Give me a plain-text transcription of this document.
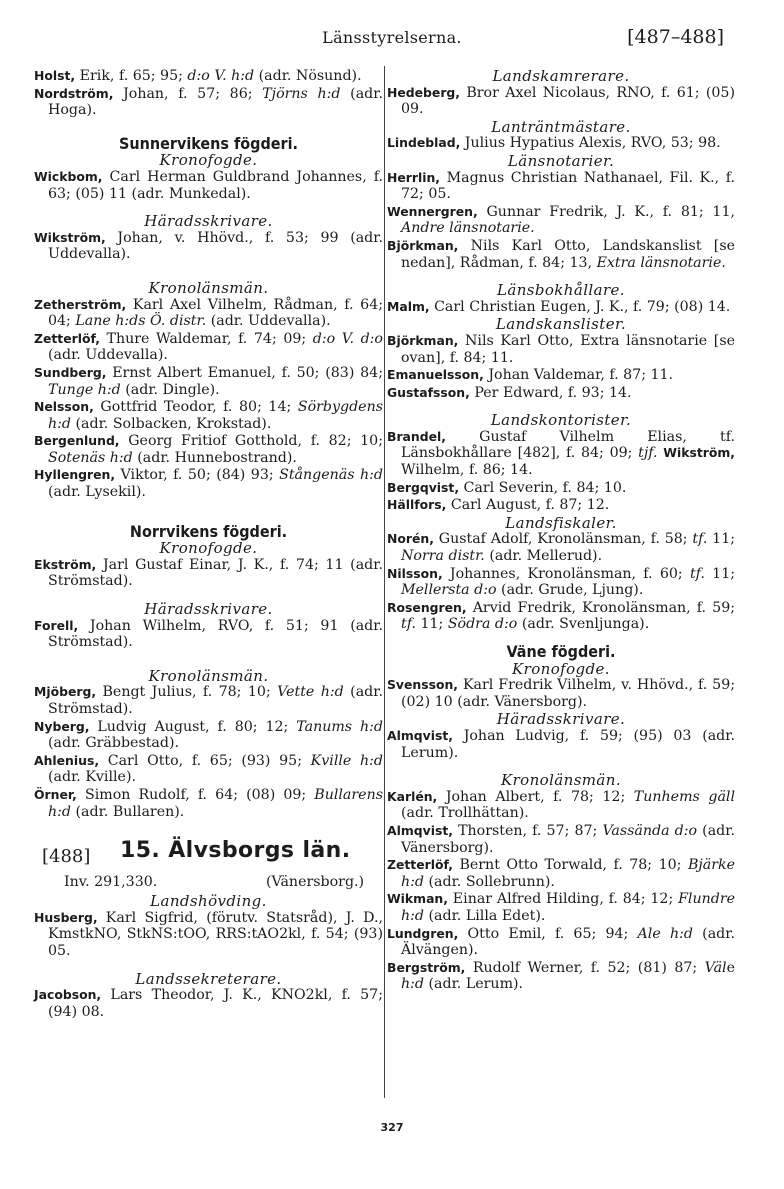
Länsstyrelserna.	[487–488]
Holst, Erik, f. 65; 95; d:o V. h:d (adr. Nösund).
Nordström, Johan, f. 57; 86; Tjörns h:d (adr. Hoga).
Sunnervikens fögderi.
Kronofogde.
Wickbom, Carl Herman Guldbrand Johannes, f. 63; (05) 11 (adr. Munkedal).
Häradsskrivare.
Wikström, Johan, v. Hhövd., f. 53; 99 (adr. Uddevalla).
Kronolänsmän.
Zetherström, Karl Axel Vilhelm, Rådman, f. 64; 04; Lane h:ds Ö. distr. (adr. Uddevalla).
Zetterlöf, Thure Waldemar, f. 74; 09; d:o V. d:o (adr. Uddevalla).
Sundberg, Ernst Albert Emanuel, f. 50; (83) 84; Tunge h:d (adr. Dingle).
Nelsson, Gottfrid Teodor, f. 80; 14; Sörbygdens h:d (adr. Solbacken, Krokstad).
Bergenlund, Georg Fritiof Gotthold, f. 82; 10; Sotenäs h:d (adr. Hunnebostrand).
Hyllengren, Viktor, f. 50; (84) 93; Stångenäs h:d (adr. Lysekil).
Norrvikens fögderi.
Kronofogde.
Ekström, Jarl Gustaf Einar, J. K., f. 74; 11 (adr. Strömstad).
Häradsskrivare.
Forell, Johan Wilhelm, RVO, f. 51; 91 (adr. Strömstad).
Kronolänsmän.
Mjöberg, Bengt Julius, f. 78; 10; Vette h:d (adr. Strömstad).
Nyberg, Ludvig August, f. 80; 12; Tanums h:d (adr. Gräbbestad).
Ahlenius, Carl Otto, f. 65; (93) 95; Kville h:d (adr. Kville).
Örner, Simon Rudolf, f. 64; (08) 09; Bullarens h:d (adr. Bullaren).
[488] 15. Älvsborgs län.
Inv. 291,330.	(Vänersborg.)
Landshövding.
Husberg, Karl Sigfrid, (förutv. Statsråd), J. D., KmstkNO, StkNS:tOO, RRS:tAO2kl, f. 54; (93) 05.
Landssekreterare.
Jacobson, Lars Theodor, J. K., KNO2kl, f. 57; (94) 08.
Landskamrerare.
Hedeberg, Bror Axel Nicolaus, RNO, f. 61; (05) 09.
Lanträntmästare.
Lindeblad, Julius Hypatius Alexis, RVO, 53; 98.
Länsnotarier.
Herrlin, Magnus Christian Nathanael, Fil. K., f. 72; 05.
Wennergren, Gunnar Fredrik, J. K., f. 81; 11, Andre länsnotarie.
Björkman, Nils Karl Otto, Landskanslist [se nedan], Rådman, f. 84; 13, Extra länsnotarie.
Länsbokhållare.
Malm, Carl Christian Eugen, J. K., f. 79; (08) 14.
Landskanslister.
Björkman, Nils Karl Otto, Extra länsnotarie [se ovan], f. 84; 11.
Emanuelsson, Johan Valdemar, f. 87; 11.
Gustafsson, Per Edward, f. 93; 14.
Landskontorister.
Brandel, Gustaf Vilhelm Elias, tf. Länsbokhållare [482], f. 84; 09; tjf. Wikström, Wilhelm, f. 86; 14.
Bergqvist, Carl Severin, f. 84; 10.
Hällfors, Carl August, f. 87; 12.
Landsfiskaler.
Norén, Gustaf Adolf, Kronolänsman, f. 58; tf. 11; Norra distr. (adr. Mellerud).
Nilsson, Johannes, Kronolänsman, f. 60; tf. 11; Mellersta d:o (adr. Grude, Ljung).
Rosengren, Arvid Fredrik, Kronolänsman, f. 59; tf. 11; Södra d:o (adr. Svenljunga).
Väne fögderi.
Kronofogde.
Svensson, Karl Fredrik Vilhelm, v. Hhövd., f. 59; (02) 10 (adr. Vänersborg).
Häradsskrivare.
Almqvist, Johan Ludvig, f. 59; (95) 03 (adr. Lerum).
Kronolänsmän.
Karlén, Johan Albert, f. 78; 12; Tunhems gäll (adr. Trollhättan).
Almqvist, Thorsten, f. 57; 87; Vassända d:o (adr. Vänersborg).
Zetterlöf, Bernt Otto Torwald, f. 78; 10; Bjärke h:d (adr. Sollebrunn).
Wikman, Einar Alfred Hilding, f. 84; 12; Flundre h:d (adr. Lilla Edet).
Lundgren, Otto Emil, f. 65; 94; Ale h:d (adr. Älvängen).
Bergström, Rudolf Werner, f. 52; (81) 87; Väle h:d (adr. Lerum).
327
